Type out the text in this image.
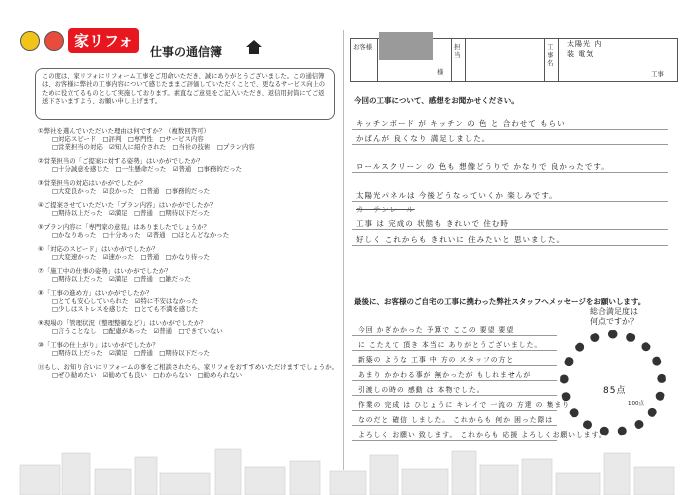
家リフォ
仕事の通信簿
この度は、家リフォにリフォーム工事をご用命いただき、誠にありがとうございました。この通信簿は、お客様に弊社の工事内容について感じたままご評価していただくことで、更なるサービス向上のために役立てるものとして実施しております。素直なご意見をご記入いただき、返信用封筒にてご返送下さいますよう、お願い申し上げます。
①弊社を選んでいただいた理由は何ですか？（複数回答可）
□対応スピード　□評判　□専門性　□サービス内容
□営業担当の対応　☑知人に紹介された　□当社の技術　□プラン内容
②営業担当の「ご提案に対する姿勢」はいかがでしたか？
□十分誠意を感じた　□一生懸命だった　☑普通　□事務的だった
③営業担当の対応はいかがでしたか？
□大変良かった　☑良かった　□普通　□事務的だった
④ご提案させていただいた「プラン内容」はいかがでしたか？
□期待以上だった　☑満足　□普通　□期待以下だった
⑤プラン内容に「専門家の意見」はありましたでしょうか？
□かなりあった　□十分あった　☑普通　□ほとんどなかった
⑥「対応のスピード」はいかがでしたか？
□大変速かった　☑速かった　□普通　□かなり待った
⑦「施工中の仕事の姿勢」はいかがでしたか？
□期待以上だった　☑満足　□普通　□雑だった
⑧「工事の進め方」はいかがでしたか？
□とても安心していられた　☑特に不安はなかった
□少しはストレスを感じた　□とても不満を感じた
⑨現場の「管理状況（整理整頓など）」はいかがでしたか？
□言うことなし　□配慮があった　☑普通　□できていない
⑩「工事の仕上がり」はいかがでしたか？
□期待以上だった　☑満足　□普通　□期待以下だった
⑪もし、お知り合いにリフォームの事をご相談されたら、家リフォをおすすめいただけますでしょうか。
□ぜひ勧めたい　☑勧めても良い　□わからない　□勧められない
お客様
様
担当
工事名
太陽光 内装 電気
工事
今回の工事について、感想をお聞かせください。
キッチンボード が キッチン の 色 と 合わせて もらい
かばんが 良くなり 満足しました。
ロールスクリーン の 色も 想像どうりで かなりで 良かったです。
太陽光パネルは 今後どうなっていくか 楽しみです。
工事 は 完成の 状態も きれいで 住む時
好しく これからも きれいに 住みたいと 思いました。
カーテンレール
最後に、お客様のご自宅の工事に携わった弊社スタッフへメッセージをお願いします。
今回 かぎかかった 予算で ここの 要望 要望
に こたえて 頂き 本当に ありがとうございました。
新築の ような 工事 中 方の スタッフの方と
あまり かかわる事が 無かったが もしれませんが
引渡しの時の 感動 は 本物でした。
作業の 完成 は ひじょうに キレイで 一流の 方達 の 集まり
なのだと 確信 しました。 これからも 何か 困った際は
よろしく お願い 致します。 これからも 応援 よろしくお願いします。
総合満足度は
何点ですか？
85点
100点
